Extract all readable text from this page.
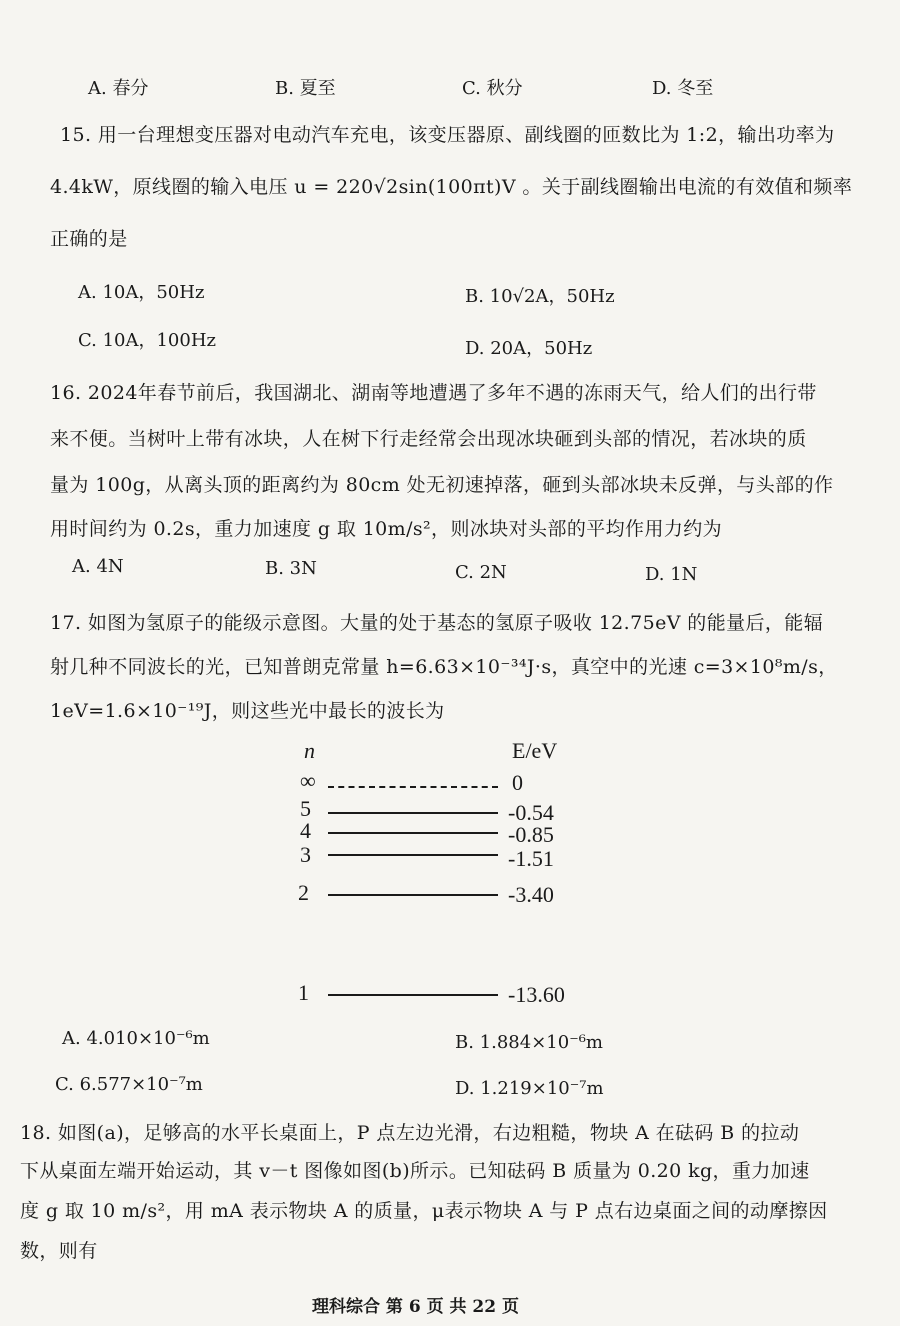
A. 春分	B. 夏至	C. 秋分	D. 冬至
15. 用一台理想变压器对电动汽车充电，该变压器原、副线圈的匝数比为 1:2，输出功率为
4.4kW，原线圈的输入电压 u = 220√2sin(100πt)V 。关于副线圈输出电流的有效值和频率
正确的是
A. 10A，50Hz	B. 10√2A，50Hz
C. 10A，100Hz	D. 20A，50Hz
16. 2024年春节前后，我国湖北、湖南等地遭遇了多年不遇的冻雨天气，给人们的出行带
来不便。当树叶上带有冰块，人在树下行走经常会出现冰块砸到头部的情况，若冰块的质
量为 100g，从离头顶的距离约为 80cm 处无初速掉落，砸到头部冰块未反弹，与头部的作
用时间约为 0.2s，重力加速度 g 取 10m/s²，则冰块对头部的平均作用力约为
A. 4N	B. 3N	C. 2N	D. 1N
17. 如图为氢原子的能级示意图。大量的处于基态的氢原子吸收 12.75eV 的能量后，能辐
射几种不同波长的光，已知普朗克常量 h=6.63×10⁻³⁴J·s，真空中的光速 c=3×10⁸m/s，
1eV=1.6×10⁻¹⁹J，则这些光中最长的波长为
n	E/eV
∞	0
5	-0.54
4	-0.85
3	-1.51
2	-3.40
1	-13.60
A. 4.010×10⁻⁶m	B. 1.884×10⁻⁶m
C. 6.577×10⁻⁷m	D. 1.219×10⁻⁷m
18. 如图(a)，足够高的水平长桌面上，P 点左边光滑，右边粗糙，物块 A 在砝码 B 的拉动
下从桌面左端开始运动，其 v－t 图像如图(b)所示。已知砝码 B 质量为 0.20 kg，重力加速
度 g 取 10 m/s²，用 mA 表示物块 A 的质量，μ表示物块 A 与 P 点右边桌面之间的动摩擦因
数，则有
理科综合 第 6 页 共 22 页
